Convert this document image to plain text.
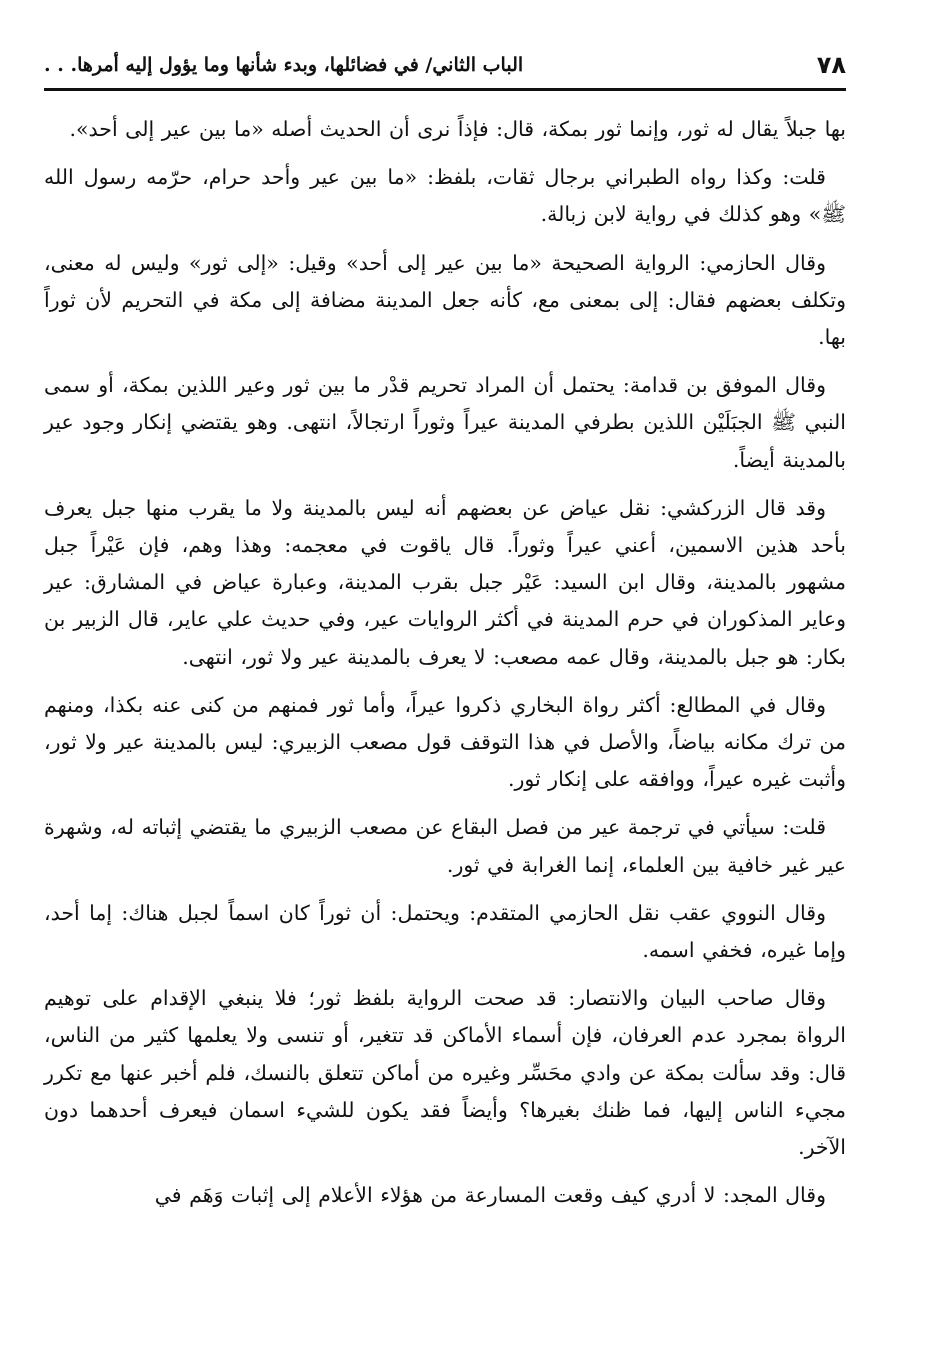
٧٨
الباب الثاني/ في فضائلها، وبدء شأنها وما يؤول إليه أمرها. . .

بها جبلاً يقال له ثور، وإنما ثور بمكة، قال: فإذاً نرى أن الحديث أصله «ما بين عير إلى أحد».

قلت: وكذا رواه الطبراني برجال ثقات، بلفظ: «ما بين عير وأحد حرام، حرّمه رسول الله ﷺ» وهو كذلك في رواية لابن زبالة.

وقال الحازمي: الرواية الصحيحة «ما بين عير إلى أحد» وقيل: «إلى ثور» وليس له معنى، وتكلف بعضهم فقال: إلى بمعنى مع، كأنه جعل المدينة مضافة إلى مكة في التحريم لأن ثوراً بها.

وقال الموفق بن قدامة: يحتمل أن المراد تحريم قدْر ما بين ثور وعير اللذين بمكة، أو سمى النبي ﷺ الجبَلَيْن اللذين بطرفي المدينة عيراً وثوراً ارتجالاً، انتهى. وهو يقتضي إنكار وجود عير بالمدينة أيضاً.

وقد قال الزركشي: نقل عياض عن بعضهم أنه ليس بالمدينة ولا ما يقرب منها جبل يعرف بأحد هذين الاسمين، أعني عيراً وثوراً. قال ياقوت في معجمه: وهذا وهم، فإن عَيْراً جبل مشهور بالمدينة، وقال ابن السيد: عَيْر جبل بقرب المدينة، وعبارة عياض في المشارق: عير وعاير المذكوران في حرم المدينة في أكثر الروايات عير، وفي حديث علي عاير، قال الزبير بن بكار: هو جبل بالمدينة، وقال عمه مصعب: لا يعرف بالمدينة عير ولا ثور، انتهى.

وقال في المطالع: أكثر رواة البخاري ذكروا عيراً، وأما ثور فمنهم من كنى عنه بكذا، ومنهم من ترك مكانه بياضاً، والأصل في هذا التوقف قول مصعب الزبيري: ليس بالمدينة عير ولا ثور، وأثبت غيره عيراً، ووافقه على إنكار ثور.

قلت: سيأتي في ترجمة عير من فصل البقاع عن مصعب الزبيري ما يقتضي إثباته له، وشهرة عير غير خافية بين العلماء، إنما الغرابة في ثور.

وقال النووي عقب نقل الحازمي المتقدم: ويحتمل: أن ثوراً كان اسماً لجبل هناك: إما أحد، وإما غيره، فخفي اسمه.

وقال صاحب البيان والانتصار: قد صحت الرواية بلفظ ثور؛ فلا ينبغي الإقدام على توهيم الرواة بمجرد عدم العرفان، فإن أسماء الأماكن قد تتغير، أو تنسى ولا يعلمها كثير من الناس، قال: وقد سألت بمكة عن وادي محَسِّر وغيره من أماكن تتعلق بالنسك، فلم أخبر عنها مع تكرر مجيء الناس إليها، فما ظنك بغيرها؟ وأيضاً فقد يكون للشيء اسمان فيعرف أحدهما دون الآخر.

وقال المجد: لا أدري كيف وقعت المسارعة من هؤلاء الأعلام إلى إثبات وَهَم في
